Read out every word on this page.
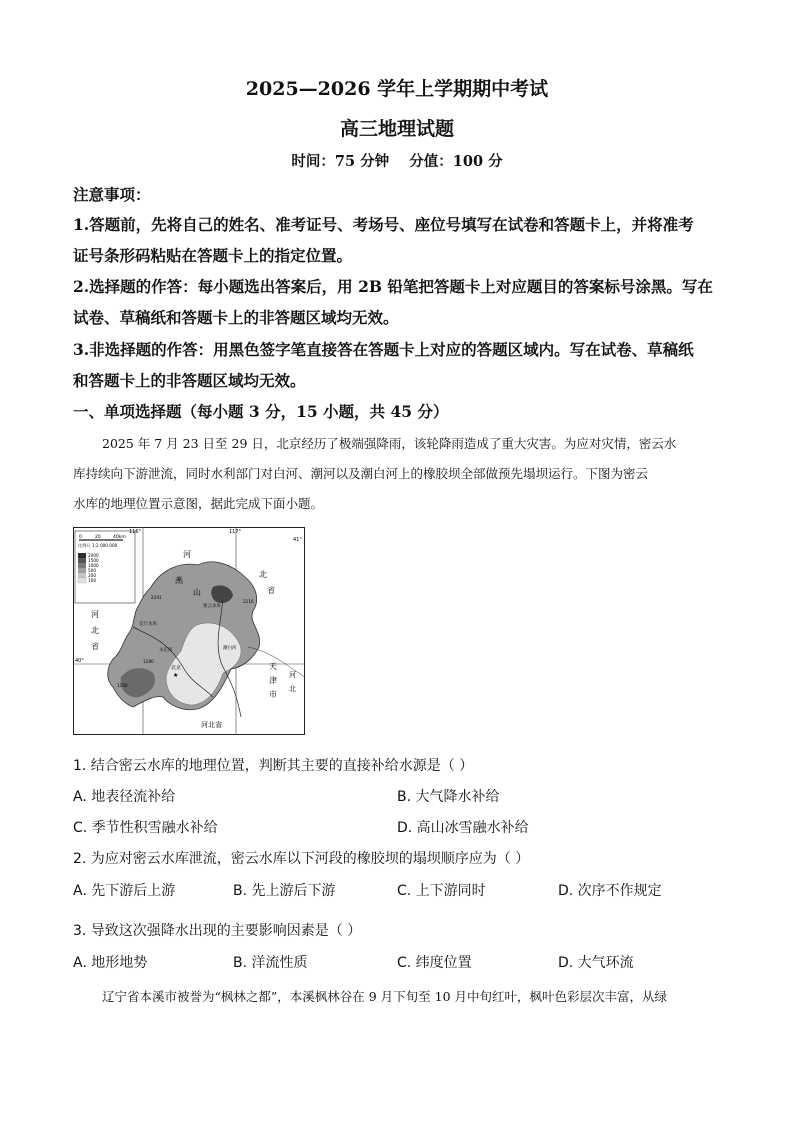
2025—2026 学年上学期期中考试
高三地理试题
时间：75 分钟    分值：100 分
注意事项：
1.答题前，先将自己的姓名、准考证号、考场号、座位号填写在试卷和答题卡上，并将准考
证号条形码粘贴在答题卡上的指定位置。
2.选择题的作答：每小题选出答案后，用 2B 铅笔把答题卡上对应题目的答案标号涂黑。写在
试卷、草稿纸和答题卡上的非答题区域均无效。
3.非选择题的作答：用黑色签字笔直接答在答题卡上对应的答题区域内。写在试卷、草稿纸
和答题卡上的非答题区域均无效。
一、单项选择题（每小题 3 分，15 小题，共 45 分）
2025 年 7 月 23 日至 29 日，北京经历了极端强降雨，该轮降雨造成了重大灾害。为应对灾情，密云水
库持续向下游泄流，同时水利部门对白河、潮河以及潮白河上的橡胶坝全部做预先塌坝运行。下图为密云
水库的地理位置示意图，据此完成下面小题。
0	20	40km
比例尺 1:2 000 000
2000
1500
1000
500
200
100
河
北
省
燕
山
河
北
省
天
津
市
河北省
河
北
密云水库
北京
官厅水库
永定河	潮白河
2241
2116
1280
1160
★
116°	117°
41°
40°
1. 结合密云水库的地理位置，判断其主要的直接补给水源是（ ）
A. 地表径流补给	B. 大气降水补给
C. 季节性积雪融水补给	D. 高山冰雪融水补给
2. 为应对密云水库泄流，密云水库以下河段的橡胶坝的塌坝顺序应为（ ）
A. 先下游后上游	B. 先上游后下游	C. 上下游同时	D. 次序不作规定
3. 导致这次强降水出现的主要影响因素是（ ）
A. 地形地势	B. 洋流性质	C. 纬度位置	D. 大气环流
辽宁省本溪市被誉为“枫林之都”，本溪枫林谷在 9 月下旬至 10 月中旬红叶，枫叶色彩层次丰富，从绿
